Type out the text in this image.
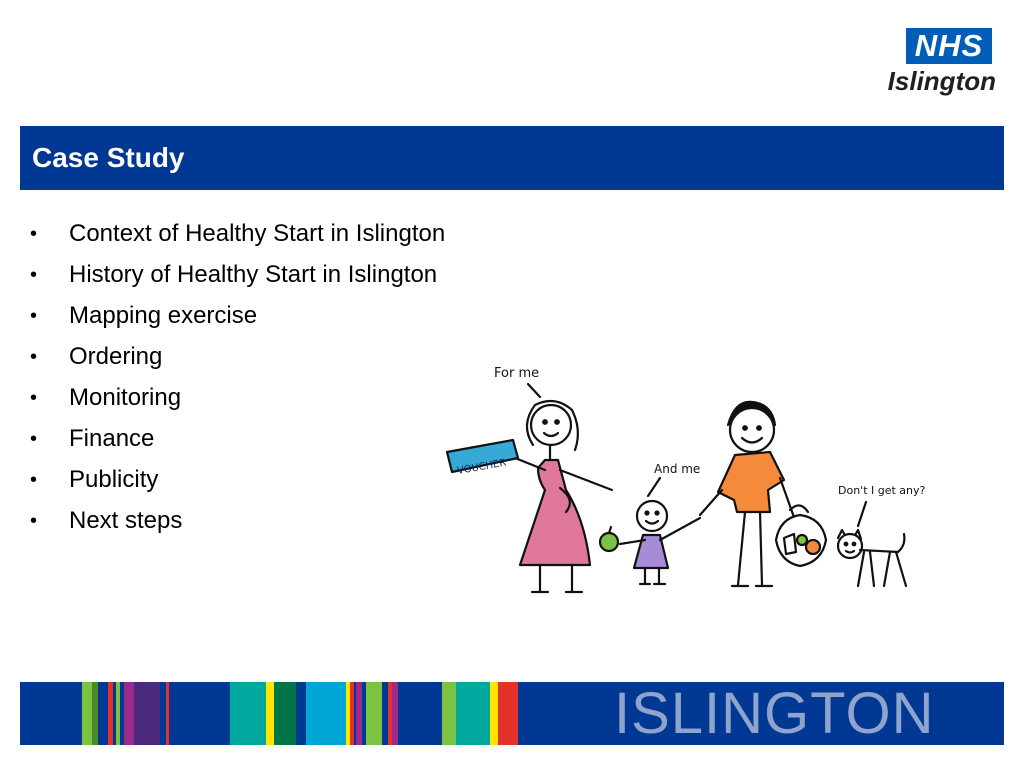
NHS
Islington
Case Study
• Context of Healthy Start in Islington
• History of Healthy Start in Islington
• Mapping exercise
• Ordering
• Monitoring
• Finance
• Publicity
• Next steps
For me
VOUCHER	And me
Don't I get any?
ISLINGTON
